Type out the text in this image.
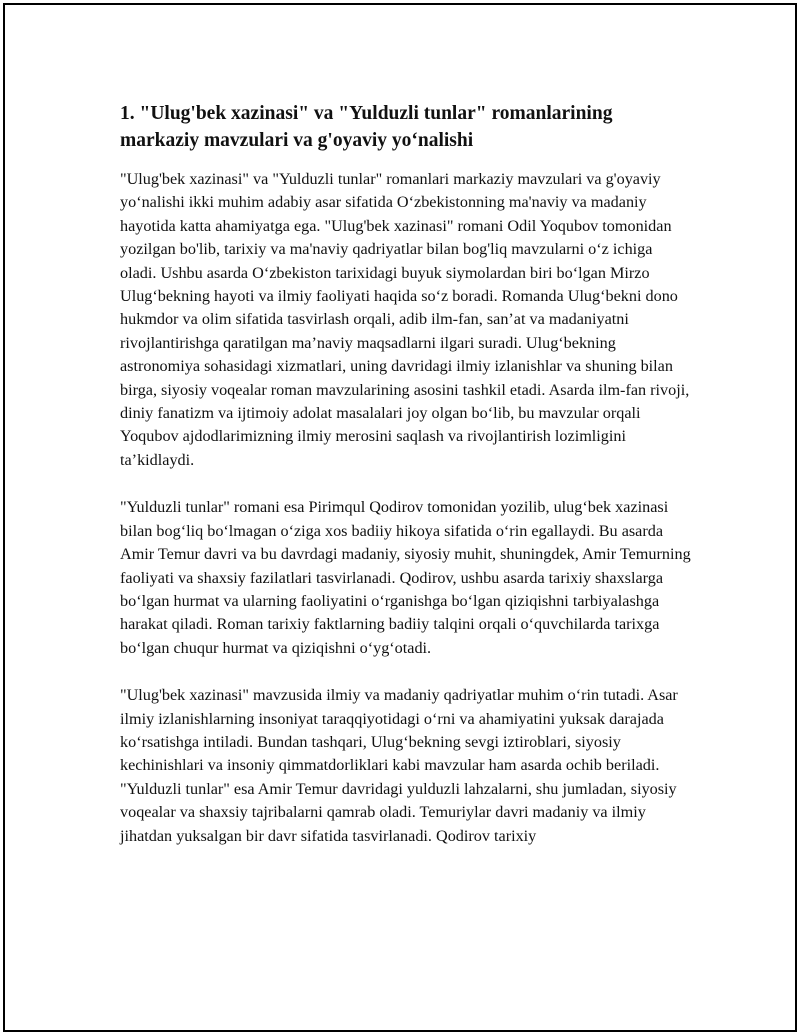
1. "Ulug'bek xazinasi" va "Yulduzli tunlar" romanlarining markaziy mavzulari va g'oyaviy yo‘nalishi

"Ulug'bek xazinasi" va "Yulduzli tunlar" romanlari markaziy mavzulari va g'oyaviy yo‘nalishi ikki muhim adabiy asar sifatida O‘zbekistonning ma'naviy va madaniy hayotida katta ahamiyatga ega. "Ulug'bek xazinasi" romani Odil Yoqubov tomonidan yozilgan bo'lib, tarixiy va ma'naviy qadriyatlar bilan bog'liq mavzularni o‘z ichiga oladi. Ushbu asarda O‘zbekiston tarixidagi buyuk siymolardan biri bo‘lgan Mirzo Ulug‘bekning hayoti va ilmiy faoliyati haqida so‘z boradi. Romanda Ulug‘bekni dono hukmdor va olim sifatida tasvirlash orqali, adib ilm-fan, san’at va madaniyatni rivojlantirishga qaratilgan ma’naviy maqsadlarni ilgari suradi. Ulug‘bekning astronomiya sohasidagi xizmatlari, uning davridagi ilmiy izlanishlar va shuning bilan birga, siyosiy voqealar roman mavzularining asosini tashkil etadi. Asarda ilm-fan rivoji, diniy fanatizm va ijtimoiy adolat masalalari joy olgan bo‘lib, bu mavzular orqali Yoqubov ajdodlarimizning ilmiy merosini saqlash va rivojlantirish lozimligini ta’kidlaydi.

"Yulduzli tunlar" romani esa Pirimqul Qodirov tomonidan yozilib, ulug‘bek xazinasi bilan bog‘liq bo‘lmagan o‘ziga xos badiiy hikoya sifatida o‘rin egallaydi. Bu asarda Amir Temur davri va bu davrdagi madaniy, siyosiy muhit, shuningdek, Amir Temurning faoliyati va shaxsiy fazilatlari tasvirlanadi. Qodirov, ushbu asarda tarixiy shaxslarga bo‘lgan hurmat va ularning faoliyatini o‘rganishga bo‘lgan qiziqishni tarbiyalashga harakat qiladi. Roman tarixiy faktlarning badiiy talqini orqali o‘quvchilarda tarixga bo‘lgan chuqur hurmat va qiziqishni o‘yg‘otadi.

"Ulug'bek xazinasi" mavzusida ilmiy va madaniy qadriyatlar muhim o‘rin tutadi. Asar ilmiy izlanishlarning insoniyat taraqqiyotidagi o‘rni va ahamiyatini yuksak darajada ko‘rsatishga intiladi. Bundan tashqari, Ulug‘bekning sevgi iztiroblari, siyosiy kechinishlari va insoniy qimmatdorliklari kabi mavzular ham asarda ochib beriladi. "Yulduzli tunlar" esa Amir Temur davridagi yulduzli lahzalarni, shu jumladan, siyosiy voqealar va shaxsiy tajribalarni qamrab oladi. Temuriylar davri madaniy va ilmiy jihatdan yuksalgan bir davr sifatida tasvirlanadi. Qodirov tarixiy
